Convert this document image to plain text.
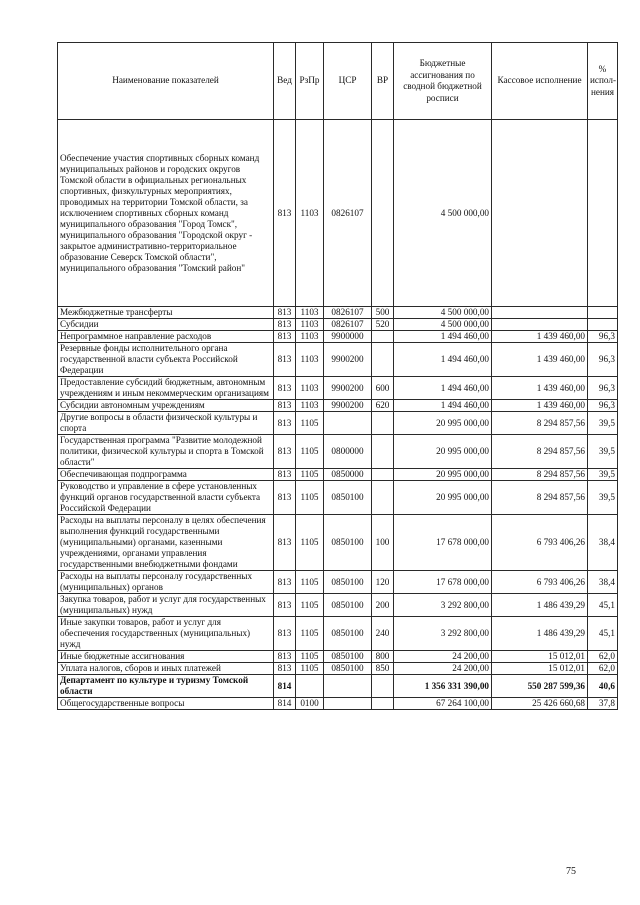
Наименование показателей	Вед	РзПр	ЦСР	ВР	Бюджетные ассигнования по сводной бюджетной росписи	Кассовое исполнение	% испол- нения
Обеспечение участия спортивных сборных команд муниципальных районов и городских округов Томской области в официальных региональных спортивных, физкультурных мероприятиях, проводимых на территории Томской области, за исключением спортивных сборных команд муниципального образования "Город Томск", муниципального образования "Городской округ - закрытое административно-территориальное образование Северск Томской области", муниципального образования "Томский район"	813	1103	0826107		4 500 000,00		
Межбюджетные трансферты	813	1103	0826107	500	4 500 000,00		
Субсидии	813	1103	0826107	520	4 500 000,00		
Непрограммное направление расходов	813	1103	9900000		1 494 460,00	1 439 460,00	96,3
Резервные фонды исполнительного органа государственной власти субъекта Российской Федерации	813	1103	9900200		1 494 460,00	1 439 460,00	96,3
Предоставление субсидий бюджетным, автономным учреждениям и иным некоммерческим организациям	813	1103	9900200	600	1 494 460,00	1 439 460,00	96,3
Субсидии автономным учреждениям	813	1103	9900200	620	1 494 460,00	1 439 460,00	96,3
Другие вопросы в области физической культуры и спорта	813	1105			20 995 000,00	8 294 857,56	39,5
Государственная программа "Развитие молодежной политики, физической культуры и спорта в Томской области"	813	1105	0800000		20 995 000,00	8 294 857,56	39,5
Обеспечивающая подпрограмма	813	1105	0850000		20 995 000,00	8 294 857,56	39,5
Руководство и управление в сфере установленных функций органов государственной власти субъекта Российской Федерации	813	1105	0850100		20 995 000,00	8 294 857,56	39,5
Расходы на выплаты персоналу в целях обеспечения выполнения функций государственными (муниципальными) органами, казенными учреждениями, органами управления государственными внебюджетными фондами	813	1105	0850100	100	17 678 000,00	6 793 406,26	38,4
Расходы на выплаты персоналу государственных (муниципальных) органов	813	1105	0850100	120	17 678 000,00	6 793 406,26	38,4
Закупка товаров, работ и услуг для государственных (муниципальных) нужд	813	1105	0850100	200	3 292 800,00	1 486 439,29	45,1
Иные закупки товаров, работ и услуг для обеспечения государственных (муниципальных) нужд	813	1105	0850100	240	3 292 800,00	1 486 439,29	45,1
Иные бюджетные ассигнования	813	1105	0850100	800	24 200,00	15 012,01	62,0
Уплата налогов, сборов и иных платежей	813	1105	0850100	850	24 200,00	15 012,01	62,0
Департамент по культуре и туризму Томской области	814				1 356 331 390,00	550 287 599,36	40,6
Общегосударственные вопросы	814	0100			67 264 100,00	25 426 660,68	37,8
75
